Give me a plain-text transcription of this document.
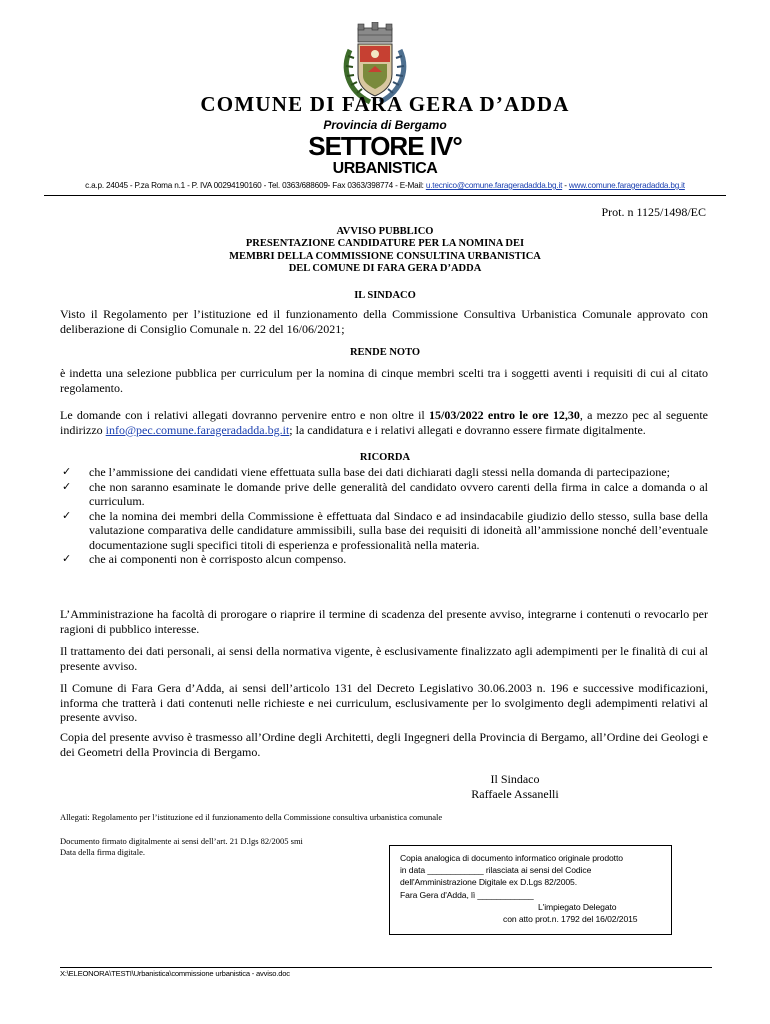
COMUNE DI FARA GERA D’ADDA
Provincia di Bergamo
SETTORE IV°
URBANISTICA
c.a.p. 24045 - P.za Roma n.1 - P. IVA 00294190160 - Tel. 0363/688609- Fax 0363/398774 - E-Mail: u.tecnico@comune.farageradadda.bg.it - www.comune.farageradadda.bg.it
Prot. n 1125/1498/EC
AVVISO PUBBLICO
PRESENTAZIONE CANDIDATURE PER LA NOMINA DEI
MEMBRI DELLA COMMISSIONE CONSULTINA URBANISTICA
DEL COMUNE DI FARA GERA D’ADDA
IL SINDACO
Visto il Regolamento per l’istituzione ed il funzionamento della Commissione Consultiva Urbanistica Comunale approvato con deliberazione di Consiglio Comunale n. 22 del 16/06/2021;
RENDE NOTO
è indetta una selezione pubblica per curriculum per la nomina di cinque membri scelti tra i soggetti aventi i requisiti di cui al citato regolamento.
Le domande con i relativi allegati dovranno pervenire entro e non oltre il 15/03/2022 entro le ore 12,30, a mezzo pec al seguente indirizzo info@pec.comune.farageradadda.bg.it; la candidatura e i relativi allegati e dovranno essere firmate digitalmente.
RICORDA
✓ che l’ammissione dei candidati viene effettuata sulla base dei dati dichiarati dagli stessi nella domanda di partecipazione;
✓ che non saranno esaminate le domande prive delle generalità del candidato ovvero carenti della firma in calce a domanda o al curriculum.
✓ che la nomina dei membri della Commissione è effettuata dal Sindaco e ad insindacabile giudizio dello stesso, sulla base della valutazione comparativa delle candidature ammissibili, sulla base dei requisiti di idoneità all’ammissione nonché dell’eventuale documentazione sugli specifici titoli di esperienza e professionalità nella materia.
✓ che ai componenti non è corrisposto alcun compenso.
L’Amministrazione ha facoltà di prorogare o riaprire il termine di scadenza del presente avviso, integrarne i contenuti o revocarlo per ragioni di pubblico interesse.
Il trattamento dei dati personali, ai sensi della normativa vigente, è esclusivamente finalizzato agli adempimenti per le finalità di cui al presente avviso.
Il Comune di Fara Gera d’Adda, ai sensi dell’articolo 131 del Decreto Legislativo 30.06.2003 n. 196 e successive modificazioni, informa che tratterà i dati contenuti nelle richieste e nei curriculum, esclusivamente per lo svolgimento degli adempimenti relativi al presente avviso.
Copia del presente avviso è trasmesso all’Ordine degli Architetti, degli Ingegneri della Provincia di Bergamo, all’Ordine dei Geologi e dei Geometri della Provincia di Bergamo.
Il Sindaco
Raffaele Assanelli
Allegati: Regolamento per l’istituzione ed il funzionamento della Commissione consultiva urbanistica comunale
Documento firmato digitalmente ai sensi dell’art. 21 D.lgs 82/2005 smi
Data della firma digitale.
Copia analogica di documento informatico originale prodotto
in data ____________ rilasciata ai sensi del Codice
dell'Amministrazione Digitale ex D.Lgs 82/2005.
Fara Gera d'Adda, lì ____________
L'impiegato Delegato
con atto prot.n. 1792 del 16/02/2015
X:\ELEONORA\TESTI\Urbanistica\commissione urbanistica - avviso.doc
